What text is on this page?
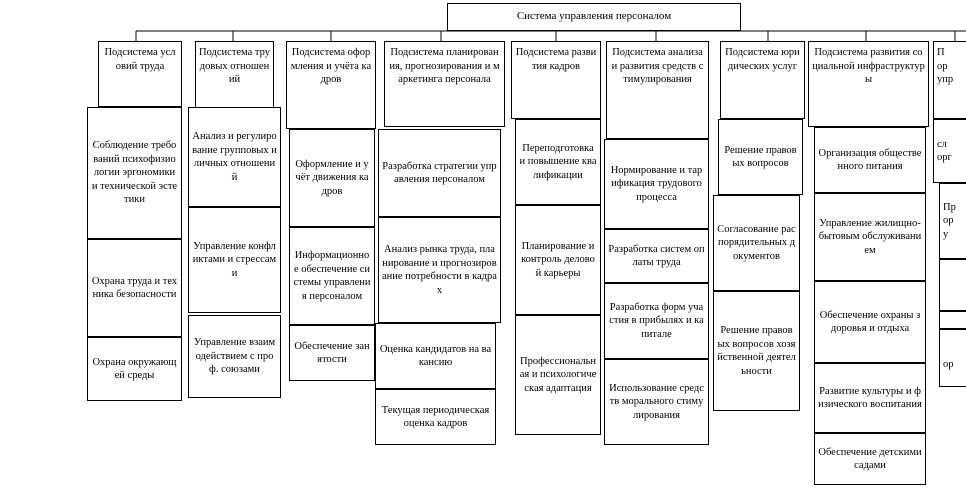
Система управления персоналом
Подсистема условий труда
Подсистема трудовых отношений
Подсистема оформления и учёта кадров
Подсистема планирования, прогнозирования и маркетинга персонала
Подсистема развития кадров
Подсистема анализа и развития средств стимулирования
Подсистема юридических услуг
Подсистема развития социальной инфраструктуры
П
ор
упр
Соблюдение требований психофизиологии эргономики и технической эстетики
Охрана труда и техника безопасности
Охрана окружающей среды
Анализ и регулирование групповых и личных отношений
Управление конфликтами и стрессами
Управление взаимодействием с проф. союзами
Оформление и учёт движения кадров
Информационное обеспечение системы управления персоналом
Обеспечение занятости
Разработка стратегии управления персоналом
Анализ рынка труда, планирование и прогнозирование потребности в кадрах
Оценка кандидатов на вакансию
Текущая периодическая оценка кадров
Переподготовка и повышение квалификации
Планирование и контроль деловой карьеры
Профессиональная и психологическая адаптация
Нормирование и тарификация трудового процесса
Разработка систем оплаты труда
Разработка форм участия в прибылях и капитале
Использование средств морального стимулирования
Решение правовых вопросов
Согласование распорядительных документов
Решение правовых вопросов хозяйственной деятельности
Организация общественного питания
Управление жилищно-бытовым обслуживанием
Обеспечение охраны здоровья и отдыха
Развитие культуры и физического воспитания
Обеспечение детскими садами
сл
орг
Пр
ор
у

ор
